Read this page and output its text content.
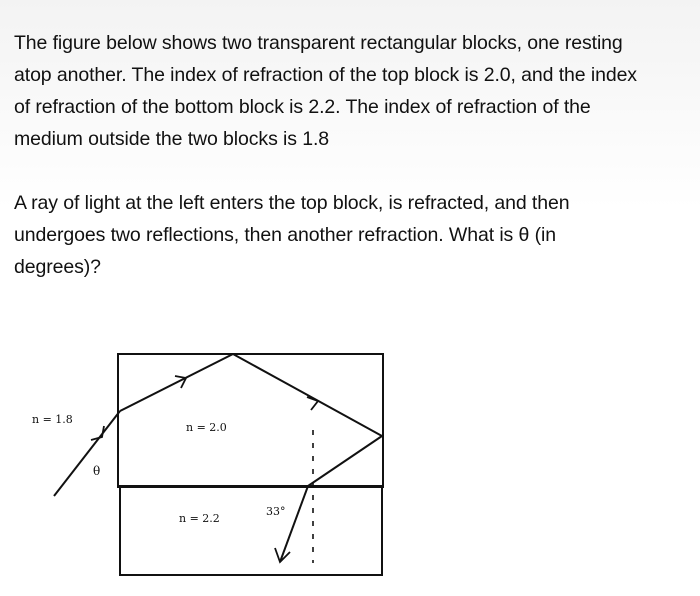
The figure below shows two transparent rectangular blocks, one resting

atop another. The index of refraction of the top block is 2.0, and the index

of refraction of the bottom block is 2.2. The index of refraction of the

medium outside the two blocks is 1.8

A ray of light at the left enters the top block, is refracted, and then

undergoes two reflections, then another refraction. What is θ (in

degrees)?

n = 1.8
n = 2.0
n = 2.2
33°
θ
